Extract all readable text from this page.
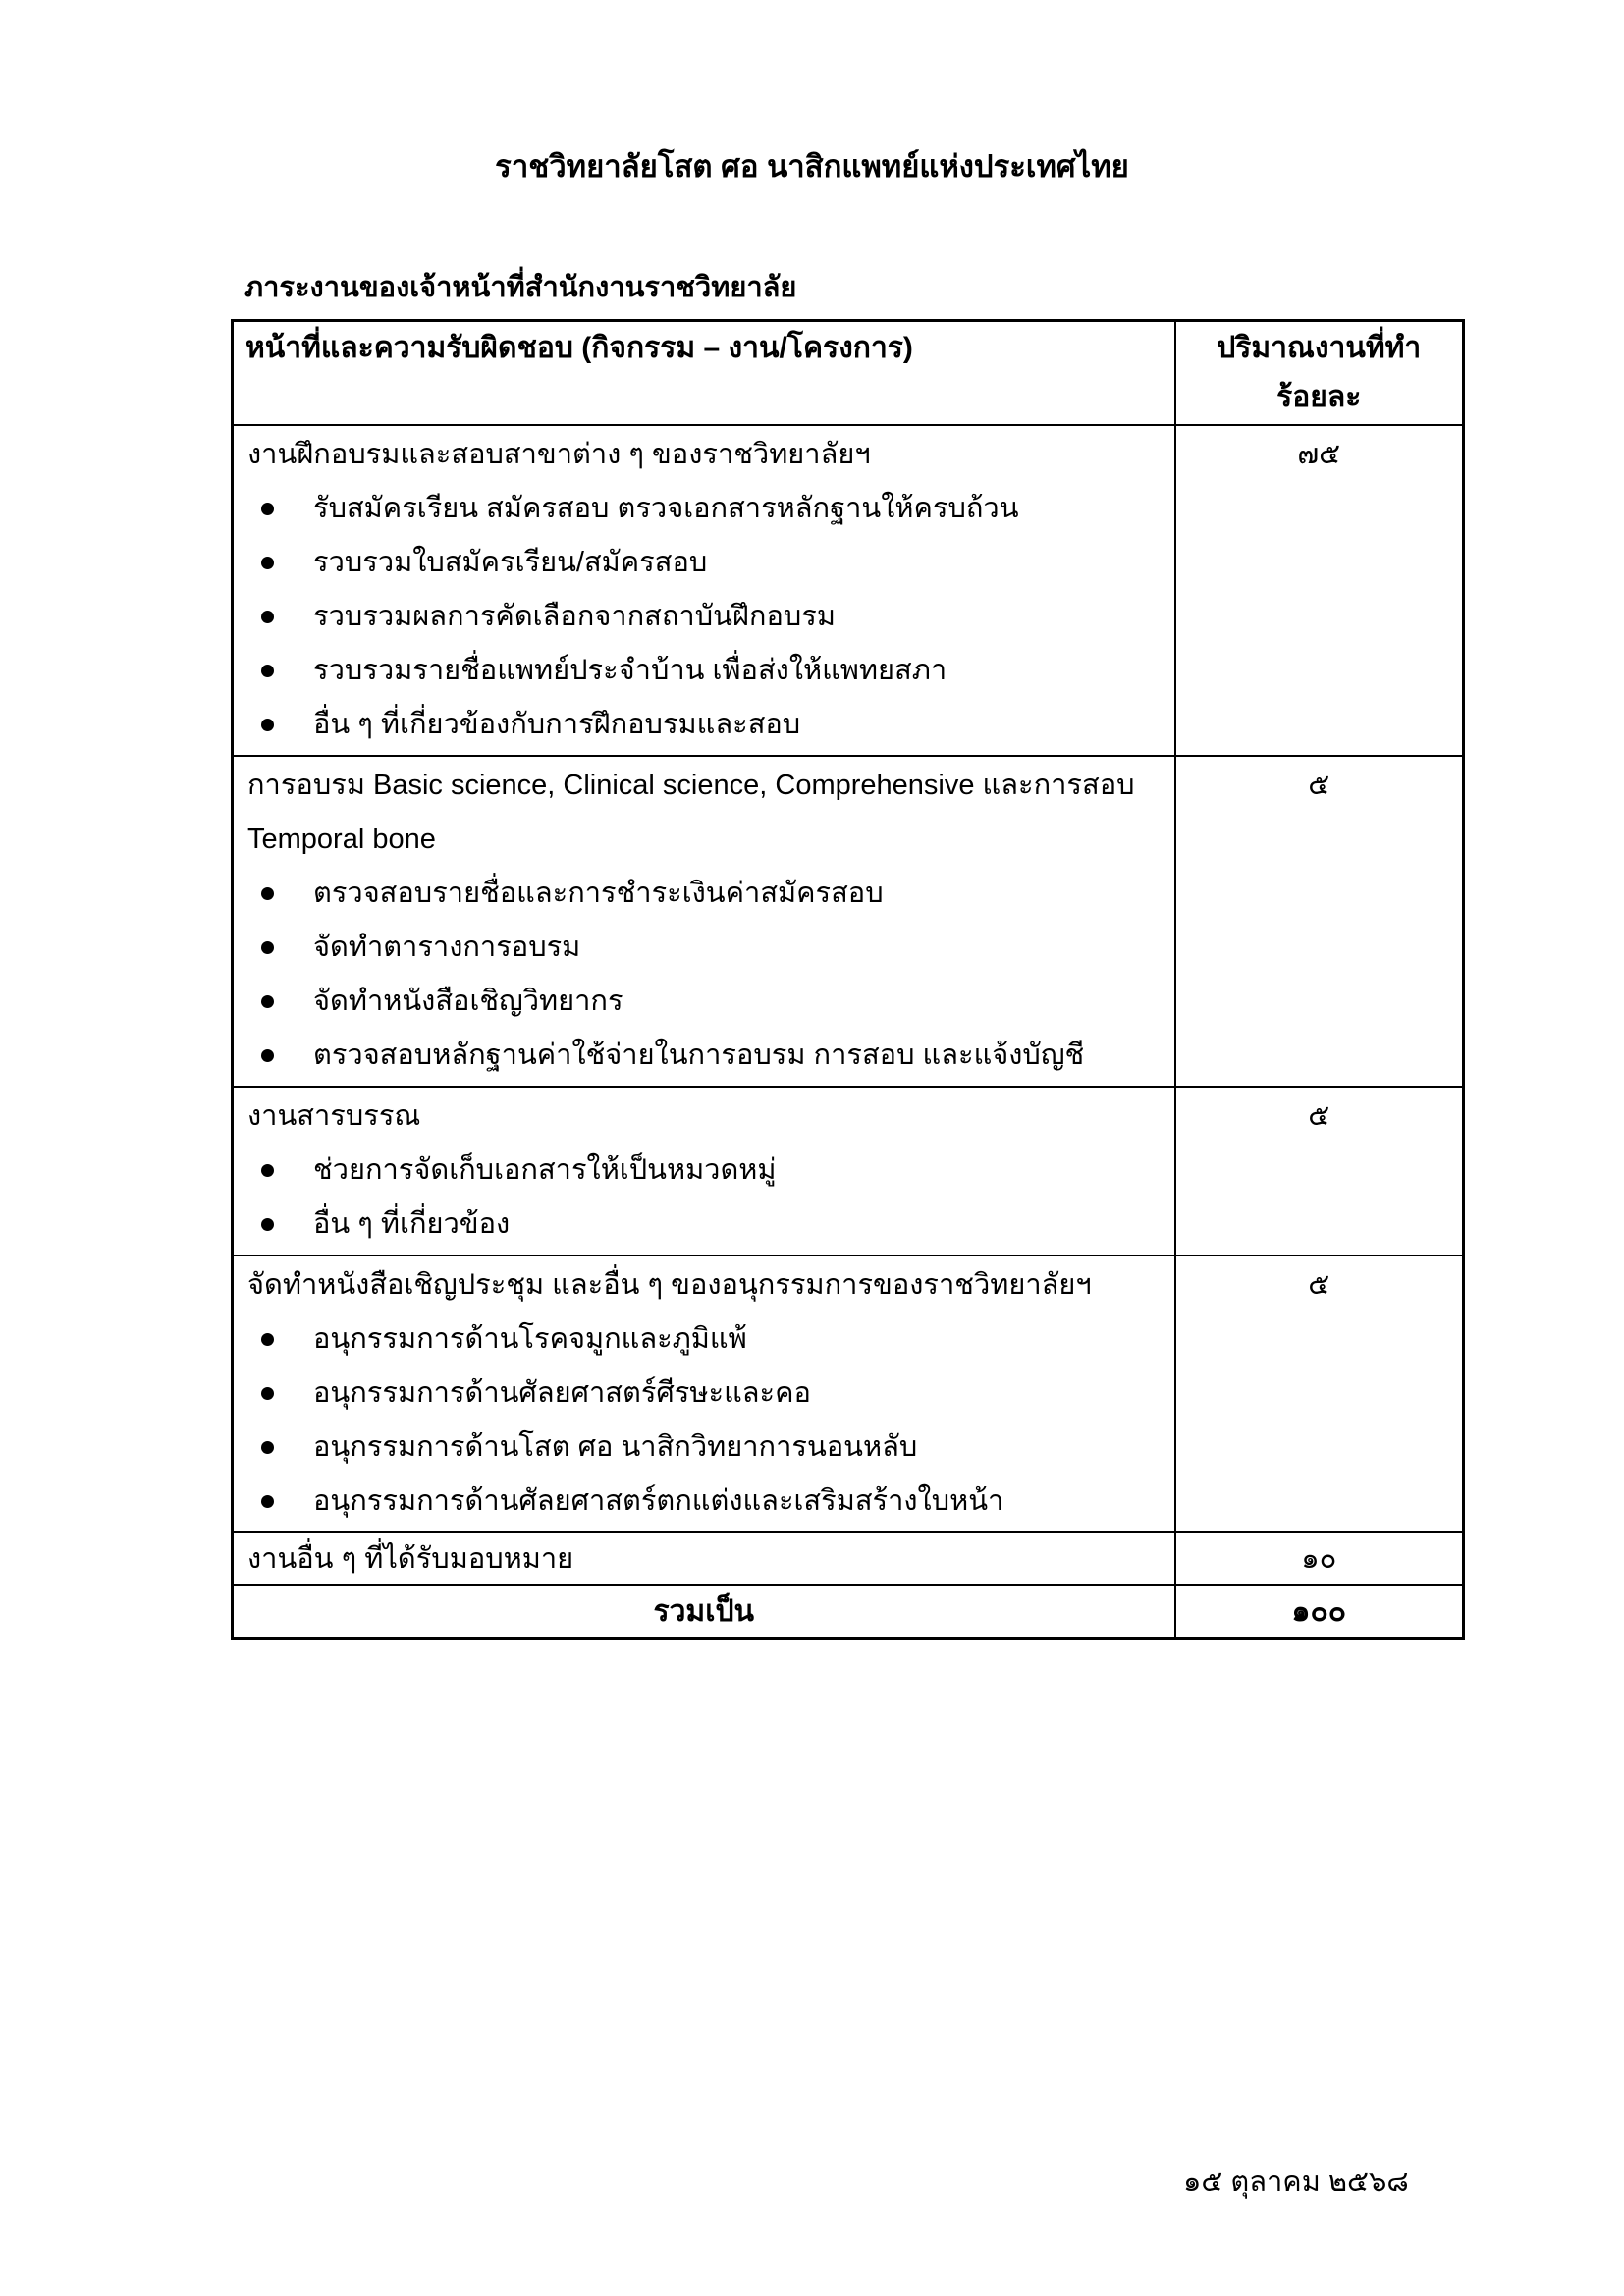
ราชวิทยาลัยโสต ศอ นาสิกแพทย์แห่งประเทศไทย
ภาระงานของเจ้าหน้าที่สำนักงานราชวิทยาลัย
หน้าที่และความรับผิดชอบ (กิจกรรม – งาน/โครงการ)	ปริมาณงานที่ทำร้อยละ

งานฝึกอบรมและสอบสาขาต่าง ๆ ของราชวิทยาลัยฯ
รับสมัครเรียน สมัครสอบ ตรวจเอกสารหลักฐานให้ครบถ้วน
รวบรวมใบสมัครเรียน/สมัครสอบ
รวบรวมผลการคัดเลือกจากสถาบันฝึกอบรม
รวบรวมรายชื่อแพทย์ประจำบ้าน เพื่อส่งให้แพทยสภา
อื่น ๆ ที่เกี่ยวข้องกับการฝึกอบรมและสอบ
	๗๕

การอบรม Basic science, Clinical science, Comprehensive และการสอบ Temporal bone
ตรวจสอบรายชื่อและการชำระเงินค่าสมัครสอบ
จัดทำตารางการอบรม
จัดทำหนังสือเชิญวิทยากร
ตรวจสอบหลักฐานค่าใช้จ่ายในการอบรม การสอบ และแจ้งบัญชี	๕

งานสารบรรณ
ช่วยการจัดเก็บเอกสารให้เป็นหมวดหมู่
อื่น ๆ ที่เกี่ยวข้อง	๕

จัดทำหนังสือเชิญประชุม และอื่น ๆ ของอนุกรรมการของราชวิทยาลัยฯ
อนุกรรมการด้านโรคจมูกและภูมิแพ้
อนุกรรมการด้านศัลยศาสตร์ศีรษะและคอ
อนุกรรมการด้านโสต ศอ นาสิกวิทยาการนอนหลับ
อนุกรรมการด้านศัลยศาสตร์ตกแต่งและเสริมสร้างใบหน้า	๕

งานอื่น ๆ ที่ได้รับมอบหมาย	๑๐
รวมเป็น	๑๐๐
๑๕ ตุลาคม ๒๕๖๘
